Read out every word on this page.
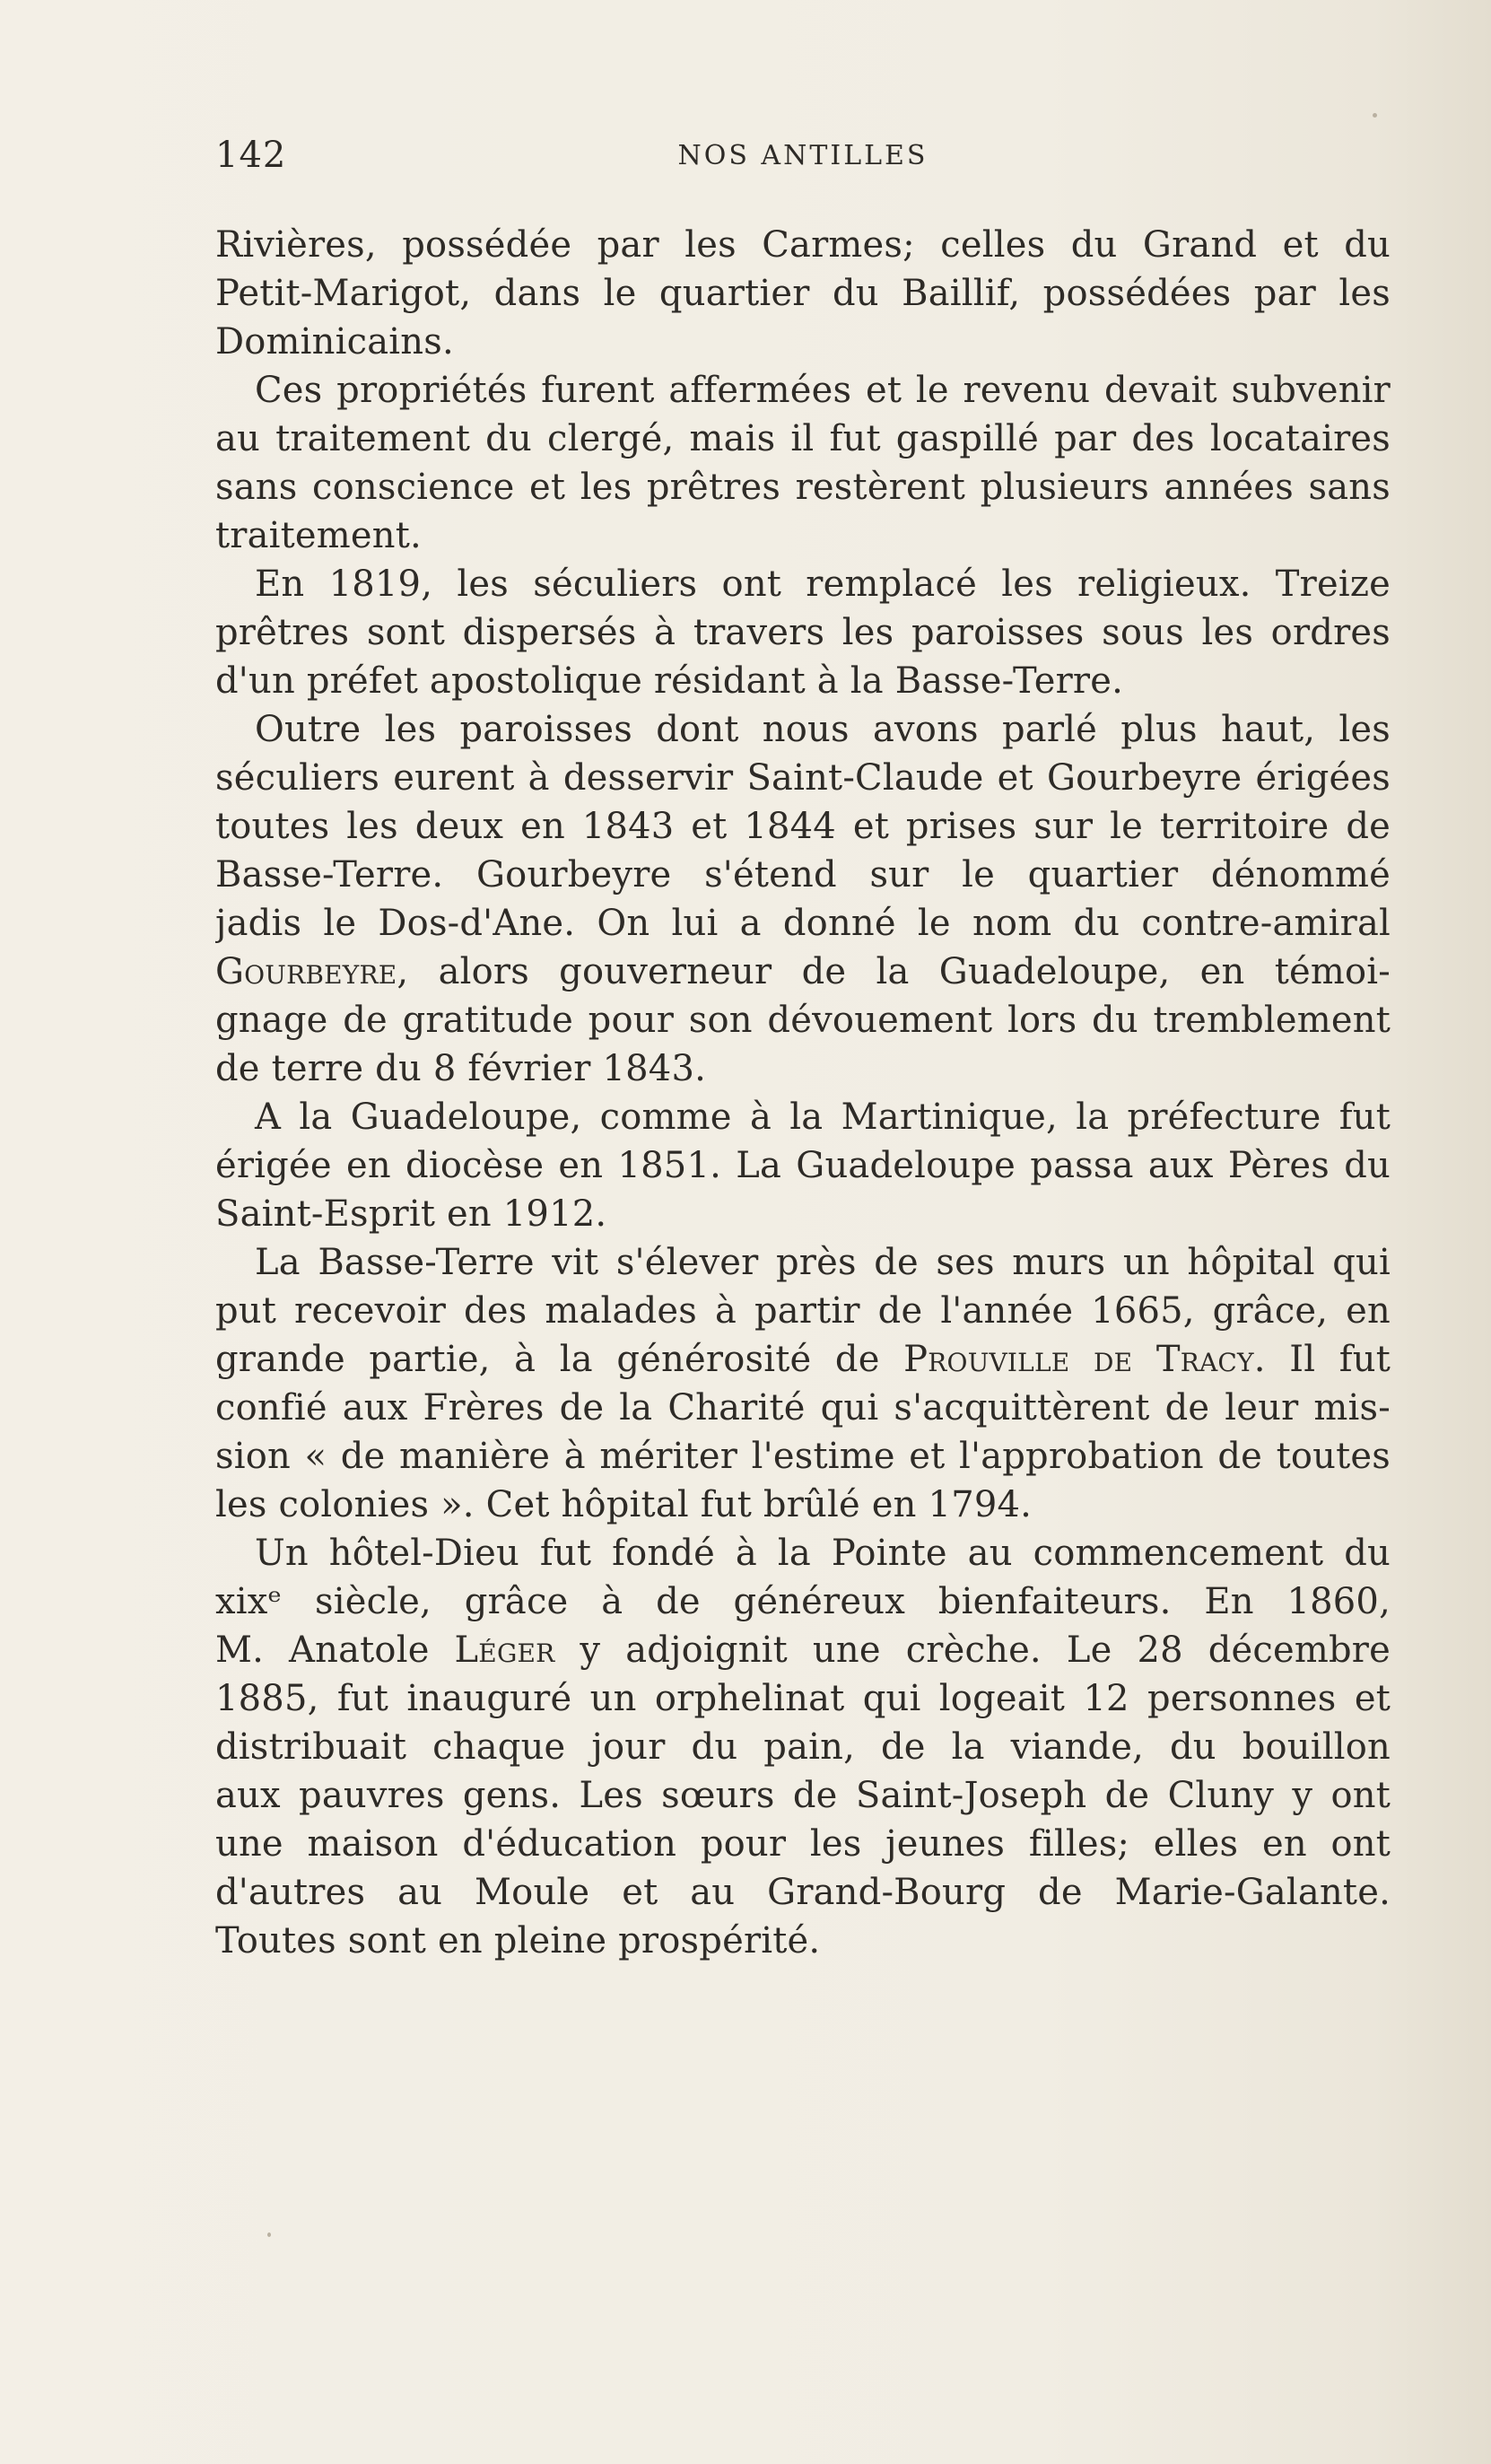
142	NOS ANTILLES
Rivières, possédée par les Carmes; celles du Grand et du
Petit-Marigot, dans le quartier du Baillif, possédées par les
Dominicains.
Ces propriétés furent affermées et le revenu devait subvenir
au traitement du clergé, mais il fut gaspillé par des locataires
sans conscience et les prêtres restèrent plusieurs années sans
traitement.
En 1819, les séculiers ont remplacé les religieux. Treize
prêtres sont dispersés à travers les paroisses sous les ordres
d'un préfet apostolique résidant à la Basse-Terre.
Outre les paroisses dont nous avons parlé plus haut, les
séculiers eurent à desservir Saint-Claude et Gourbeyre érigées
toutes les deux en 1843 et 1844 et prises sur le territoire de
Basse-Terre. Gourbeyre s'étend sur le quartier dénommé
jadis le Dos-d'Ane. On lui a donné le nom du contre-amiral
Gourbeyre, alors gouverneur de la Guadeloupe, en témoi-
gnage de gratitude pour son dévouement lors du tremblement
de terre du 8 février 1843.
A la Guadeloupe, comme à la Martinique, la préfecture fut
érigée en diocèse en 1851. La Guadeloupe passa aux Pères du
Saint-Esprit en 1912.
La Basse-Terre vit s'élever près de ses murs un hôpital qui
put recevoir des malades à partir de l'année 1665, grâce, en
grande partie, à la générosité de Prouville de Tracy. Il fut
confié aux Frères de la Charité qui s'acquittèrent de leur mis-
sion « de manière à mériter l'estime et l'approbation de toutes
les colonies ». Cet hôpital fut brûlé en 1794.
Un hôtel-Dieu fut fondé à la Pointe au commencement du
xixᵉ siècle, grâce à de généreux bienfaiteurs. En 1860,
M. Anatole Léger y adjoignit une crèche. Le 28 décembre
1885, fut inauguré un orphelinat qui logeait 12 personnes et
distribuait chaque jour du pain, de la viande, du bouillon
aux pauvres gens. Les sœurs de Saint-Joseph de Cluny y ont
une maison d'éducation pour les jeunes filles; elles en ont
d'autres au Moule et au Grand-Bourg de Marie-Galante.
Toutes sont en pleine prospérité.
